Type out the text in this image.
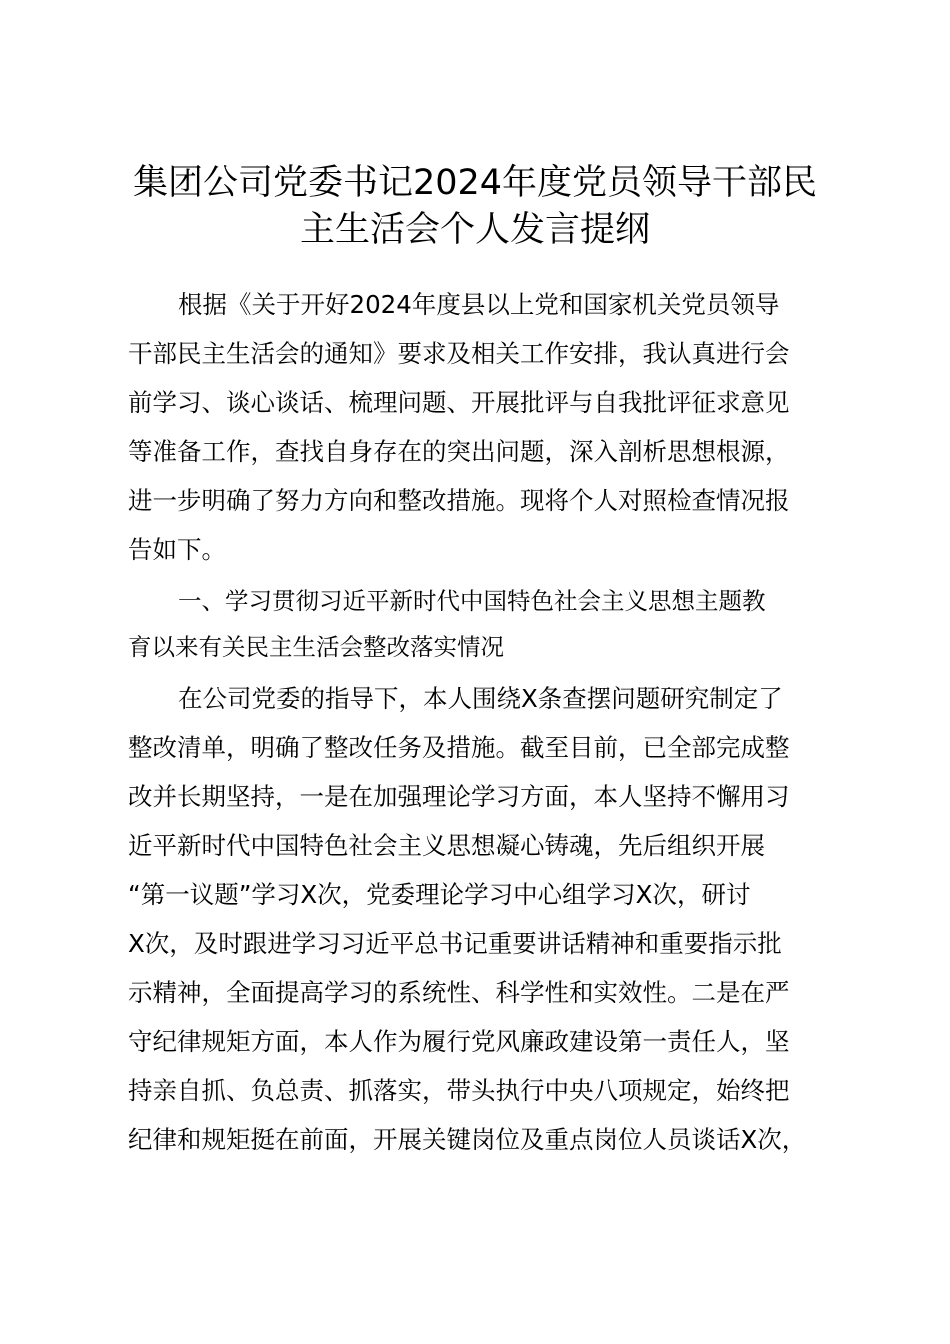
集团公司党委书记2024年度党员领导干部民
主生活会个人发言提纲

根据《关于开好2024年度县以上党和国家机关党员领导
干部民主生活会的通知》要求及相关工作安排，我认真进行会
前学习、谈心谈话、梳理问题、开展批评与自我批评征求意见
等准备工作，查找自身存在的突出问题，深入剖析思想根源，
进一步明确了努力方向和整改措施。现将个人对照检查情况报
告如下。

一、学习贯彻习近平新时代中国特色社会主义思想主题教
育以来有关民主生活会整改落实情况

在公司党委的指导下，本人围绕X条查摆问题研究制定了
整改清单，明确了整改任务及措施。截至目前，已全部完成整
改并长期坚持，一是在加强理论学习方面，本人坚持不懈用习
近平新时代中国特色社会主义思想凝心铸魂，先后组织开展
“第一议题”学习X次，党委理论学习中心组学习X次，研讨
X次，及时跟进学习习近平总书记重要讲话精神和重要指示批
示精神，全面提高学习的系统性、科学性和实效性。二是在严
守纪律规矩方面，本人作为履行党风廉政建设第一责任人，坚
持亲自抓、负总责、抓落实，带头执行中央八项规定，始终把
纪律和规矩挺在前面，开展关键岗位及重点岗位人员谈话X次，
